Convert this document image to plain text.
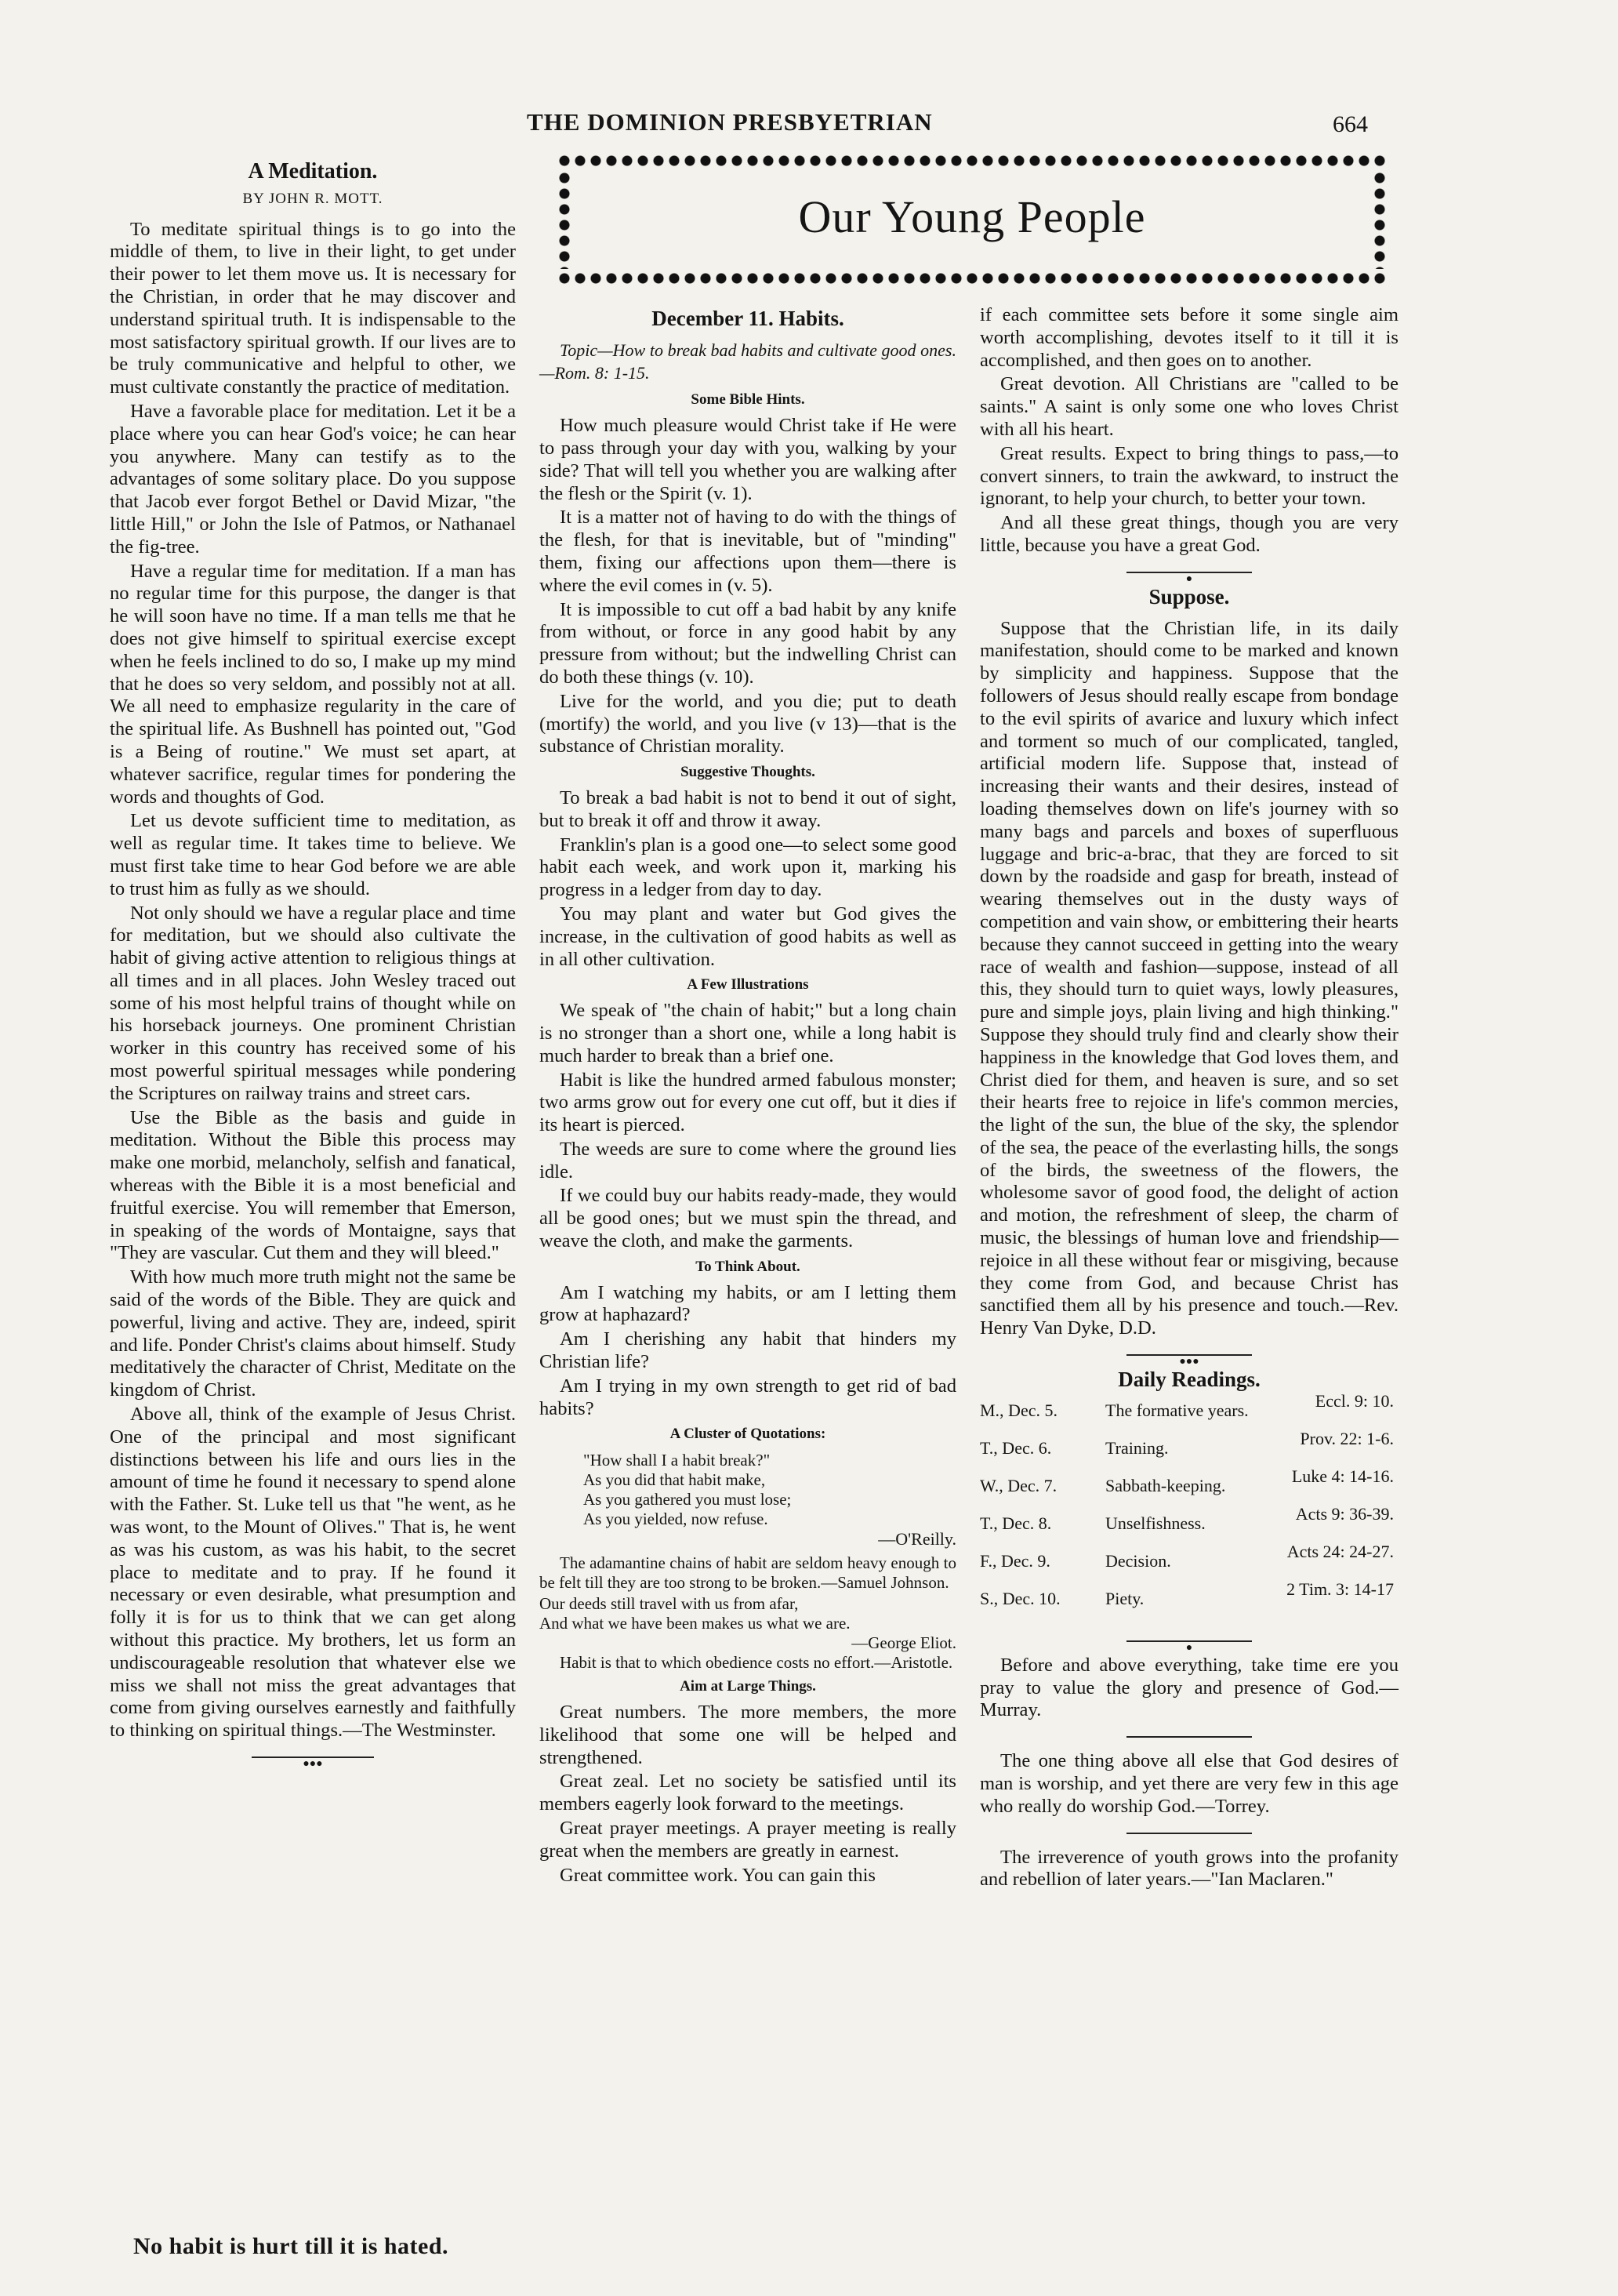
THE DOMINION PRESBYETRIAN	664
A Meditation.
BY JOHN R. MOTT.

To meditate spiritual things is to go into the middle of them, to live in their light, to get under their power to let them move us. It is necessary for the Christian, in order that he may discover and understand spiritual truth. It is indispensable to the most satisfactory spiritual growth. If our lives are to be truly communicative and helpful to other, we must cultivate constantly the practice of meditation.

Have a favorable place for meditation. Let it be a place where you can hear God's voice; he can hear you anywhere. Many can testify as to the advantages of some solitary place. Do you suppose that Jacob ever forgot Bethel or David Mizar, "the little Hill," or John the Isle of Patmos, or Nathanael the fig-tree.

Have a regular time for meditation. If a man has no regular time for this purpose, the danger is that he will soon have no time. If a man tells me that he does not give himself to spiritual exercise except when he feels inclined to do so, I make up my mind that he does so very seldom, and possibly not at all. We all need to emphasize regularity in the care of the spiritual life. As Bushnell has pointed out, "God is a Being of routine." We must set apart, at whatever sacrifice, regular times for pondering the words and thoughts of God.

Let us devote sufficient time to meditation, as well as regular time. It takes time to believe. We must first take time to hear God before we are able to trust him as fully as we should.

Not only should we have a regular place and time for meditation, but we should also cultivate the habit of giving active attention to religious things at all times and in all places. John Wesley traced out some of his most helpful trains of thought while on his horseback journeys. One prominent Christian worker in this country has received some of his most powerful spiritual messages while pondering the Scriptures on railway trains and street cars.

Use the Bible as the basis and guide in meditation. Without the Bible this process may make one morbid, melancholy, selfish and fanatical, whereas with the Bible it is a most beneficial and fruitful exercise. You will remember that Emerson, in speaking of the words of Montaigne, says that "They are vascular. Cut them and they will bleed."

With how much more truth might not the same be said of the words of the Bible. They are quick and powerful, living and active. They are, indeed, spirit and life. Ponder Christ's claims about himself. Study meditatively the character of Christ, Meditate on the kingdom of Christ.

Above all, think of the example of Jesus Christ. One of the principal and most significant distinctions between his life and ours lies in the amount of time he found it necessary to spend alone with the Father. St. Luke tell us that "he went, as he was wont, to the Mount of Olives." That is, he went as was his custom, as was his habit, to the secret place to meditate and to pray. If he found it necessary or even desirable, what presumption and folly it is for us to think that we can get along without this practice. My brothers, let us form an undiscourageable resolution that whatever else we miss we shall not miss the great advantages that come from giving ourselves earnestly and faithfully to thinking on spiritual things.—The Westminster.

●●●
No habit is hurt till it is hated.
Our Young People
December 11. Habits.
Topic—How to break bad habits and cultivate good ones.—Rom. 8: 1-15.
Some Bible Hints.

How much pleasure would Christ take if He were to pass through your day with you, walking by your side? That will tell you whether you are walking after the flesh or the Spirit (v. 1).

It is a matter not of having to do with the things of the flesh, for that is inevitable, but of "minding" them, fixing our affections upon them—there is where the evil comes in (v. 5).

It is impossible to cut off a bad habit by any knife from without, or force in any good habit by any pressure from without; but the indwelling Christ can do both these things (v. 10).

Live for the world, and you die; put to death (mortify) the world, and you live (v 13)—that is the substance of Christian morality.

Suggestive Thoughts.

To break a bad habit is not to bend it out of sight, but to break it off and throw it away.

Franklin's plan is a good one—to select some good habit each week, and work upon it, marking his progress in a ledger from day to day.

You may plant and water but God gives the increase, in the cultivation of good habits as well as in all other cultivation.

A Few Illustrations

We speak of "the chain of habit;" but a long chain is no stronger than a short one, while a long habit is much harder to break than a brief one.

Habit is like the hundred armed fabulous monster; two arms grow out for every one cut off, but it dies if its heart is pierced.

The weeds are sure to come where the ground lies idle.

If we could buy our habits ready-made, they would all be good ones; but we must spin the thread, and weave the cloth, and make the garments.

To Think About.

Am I watching my habits, or am I letting them grow at haphazard?

Am I cherishing any habit that hinders my Christian life?

Am I trying in my own strength to get rid of bad habits?

A Cluster of Quotations:
"How shall I a habit break?"
As you did that habit make,
As you gathered you must lose;
As you yielded, now refuse.
—O'Reilly.

The adamantine chains of habit are seldom heavy enough to be felt till they are too strong to be broken.—Samuel Johnson.

Our deeds still travel with us from afar,
And what we have been makes us what we are.
—George Eliot.

Habit is that to which obedience costs no effort.—Aristotle.

Aim at Large Things.

Great numbers. The more members, the more likelihood that some one will be helped and strengthened.

Great zeal. Let no society be satisfied until its members eagerly look forward to the meetings.

Great prayer meetings. A prayer meeting is really great when the members are greatly in earnest.

Great committee work. You can gain this

if each committee sets before it some single aim worth accomplishing, devotes itself to it till it is accomplished, and then goes on to another.

Great devotion. All Christians are "called to be saints." A saint is only some one who loves Christ with all his heart.

Great results. Expect to bring things to pass,—to convert sinners, to train the awkward, to instruct the ignorant, to help your church, to better your town.

And all these great things, though you are very little, because you have a great God.

●
Suppose.

Suppose that the Christian life, in its daily manifestation, should come to be marked and known by simplicity and happiness. Suppose that the followers of Jesus should really escape from bondage to the evil spirits of avarice and luxury which infect and torment so much of our complicated, tangled, artificial modern life. Suppose that, instead of increasing their wants and their desires, instead of loading themselves down on life's journey with so many bags and parcels and boxes of superfluous luggage and bric-a-brac, that they are forced to sit down by the roadside and gasp for breath, instead of wearing themselves out in the dusty ways of competition and vain show, or embittering their hearts because they cannot succeed in getting into the weary race of wealth and fashion—suppose, instead of all this, they should turn to quiet ways, lowly pleasures, pure and simple joys, plain living and high thinking." Suppose they should truly find and clearly show their happiness in the knowledge that God loves them, and Christ died for them, and heaven is sure, and so set their hearts free to rejoice in life's common mercies, the light of the sun, the blue of the sky, the splendor of the sea, the peace of the everlasting hills, the songs of the birds, the sweetness of the flowers, the wholesome savor of good food, the delight of action and motion, the refreshment of sleep, the charm of music, the blessings of human love and friendship—rejoice in all these without fear or misgiving, because they come from God, and because Christ has sanctified them all by his presence and touch.—Rev. Henry Van Dyke, D.D.

●●●
Daily Readings.
M., Dec. 5.	The formative years.	Eccl. 9: 10.
T., Dec. 6.	Training.	Prov. 22: 1-6.
W., Dec. 7.	Sabbath-keeping.	Luke 4: 14-16.
T., Dec. 8.	Unselfishness.	Acts 9: 36-39.
F., Dec. 9.	Decision.	Acts 24: 24-27.
S., Dec. 10.	Piety.	2 Tim. 3: 14-17
●

Before and above everything, take time ere you pray to value the glory and presence of God.—Murray.

The one thing above all else that God desires of man is worship, and yet there are very few in this age who really do worship God.—Torrey.

The irreverence of youth grows into the profanity and rebellion of later years.—"Ian Maclaren."
